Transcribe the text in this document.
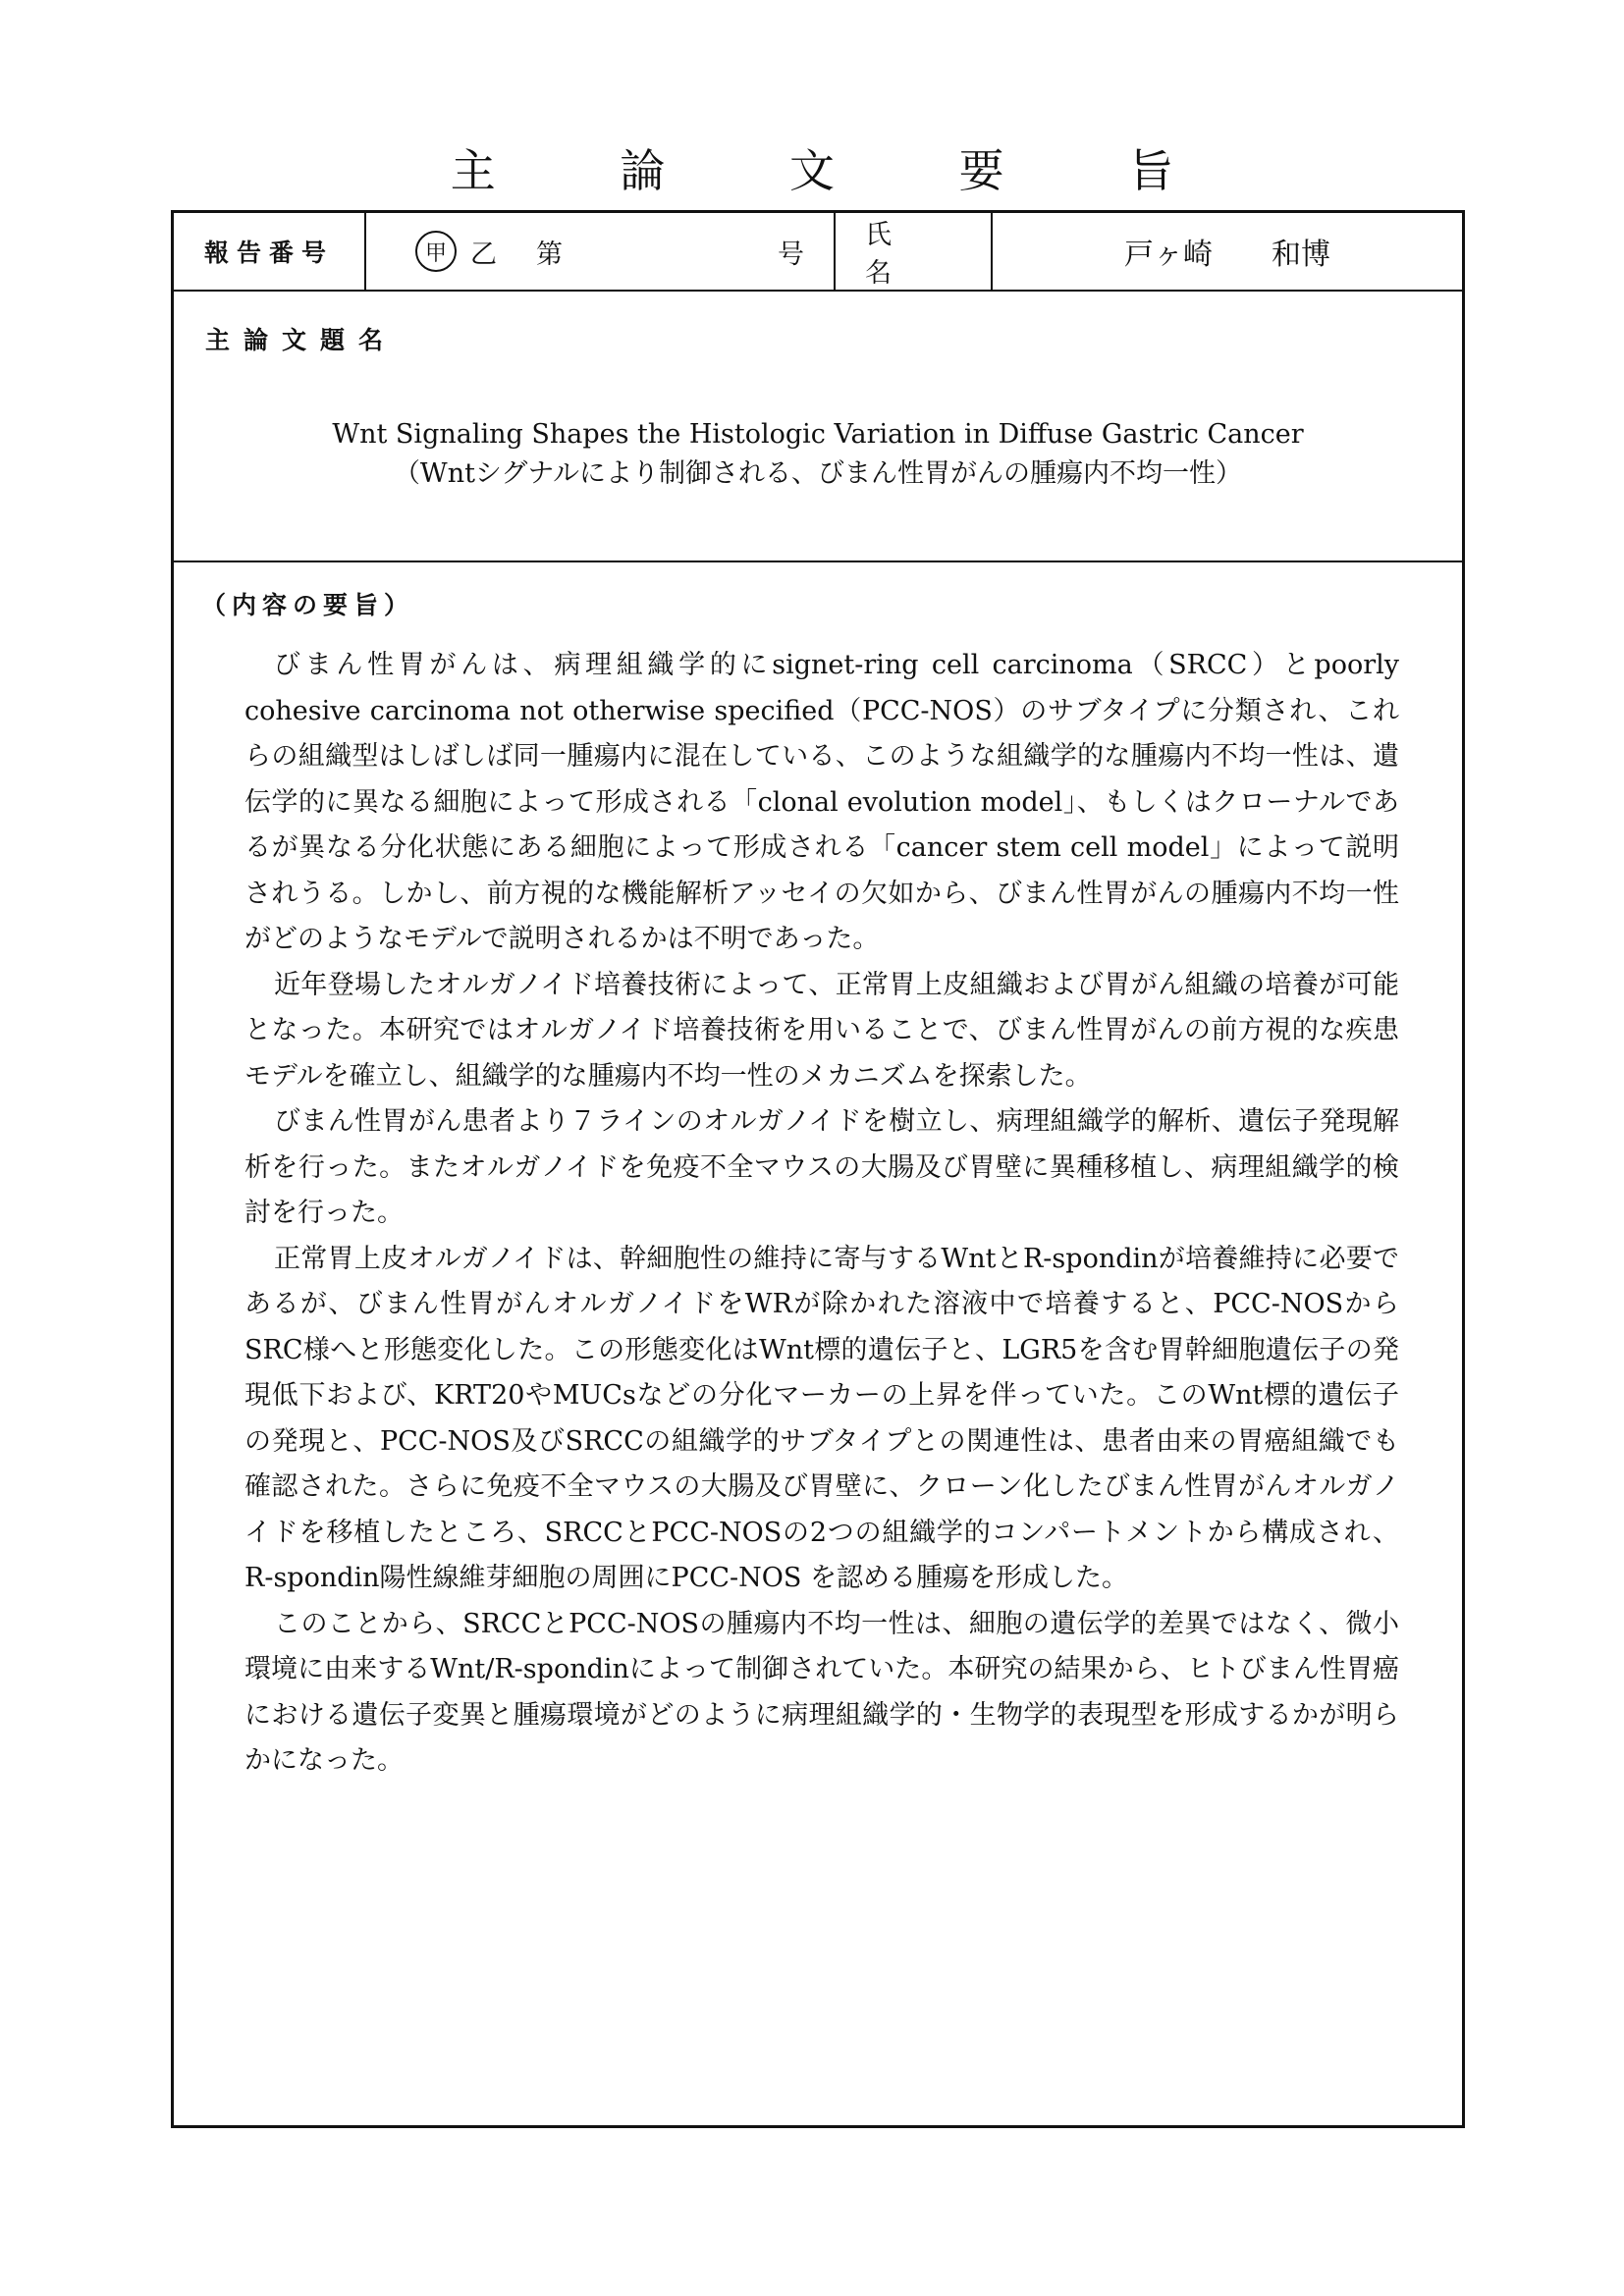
主 論 文 要 旨
報告番号	甲 乙 第	号
氏 名
戸ヶ崎 和博
主論文題名
Wnt Signaling Shapes the Histologic Variation in Diffuse Gastric Cancer
（Wntシグナルにより制御される、びまん性胃がんの腫瘍内不均一性）
（内容の要旨）

びまん性胃がんは、病理組織学的にsignet-ring cell carcinoma（SRCC）とpoorly cohesive carcinoma not otherwise specified（PCC-NOS）のサブタイプに分類され、これらの組織型はしばしば同一腫瘍内に混在している、このような組織学的な腫瘍内不均一性は、遺伝学的に異なる細胞によって形成される「clonal evolution model」、もしくはクローナルであるが異なる分化状態にある細胞によって形成される「cancer stem cell model」によって説明されうる。しかし、前方視的な機能解析アッセイの欠如から、びまん性胃がんの腫瘍内不均一性がどのようなモデルで説明されるかは不明であった。

近年登場したオルガノイド培養技術によって、正常胃上皮組織および胃がん組織の培養が可能となった。本研究ではオルガノイド培養技術を用いることで、びまん性胃がんの前方視的な疾患モデルを確立し、組織学的な腫瘍内不均一性のメカニズムを探索した。

びまん性胃がん患者より７ラインのオルガノイドを樹立し、病理組織学的解析、遺伝子発現解析を行った。またオルガノイドを免疫不全マウスの大腸及び胃壁に異種移植し、病理組織学的検討を行った。

正常胃上皮オルガノイドは、幹細胞性の維持に寄与するWntとR-spondinが培養維持に必要であるが、びまん性胃がんオルガノイドをWRが除かれた溶液中で培養すると、PCC-NOSからSRC様へと形態変化した。この形態変化はWnt標的遺伝子と、LGR5を含む胃幹細胞遺伝子の発現低下および、KRT20やMUCsなどの分化マーカーの上昇を伴っていた。このWnt標的遺伝子の発現と、PCC-NOS及びSRCCの組織学的サブタイプとの関連性は、患者由来の胃癌組織でも確認された。さらに免疫不全マウスの大腸及び胃壁に、クローン化したびまん性胃がんオルガノイドを移植したところ、SRCCとPCC-NOSの2つの組織学的コンパートメントから構成され、R-spondin陽性線維芽細胞の周囲にPCC-NOS を認める腫瘍を形成した。

このことから、SRCCとPCC-NOSの腫瘍内不均一性は、細胞の遺伝学的差異ではなく、微小環境に由来するWnt/R-spondinによって制御されていた。本研究の結果から、ヒトびまん性胃癌における遺伝子変異と腫瘍環境がどのように病理組織学的・生物学的表現型を形成するかが明らかになった。
